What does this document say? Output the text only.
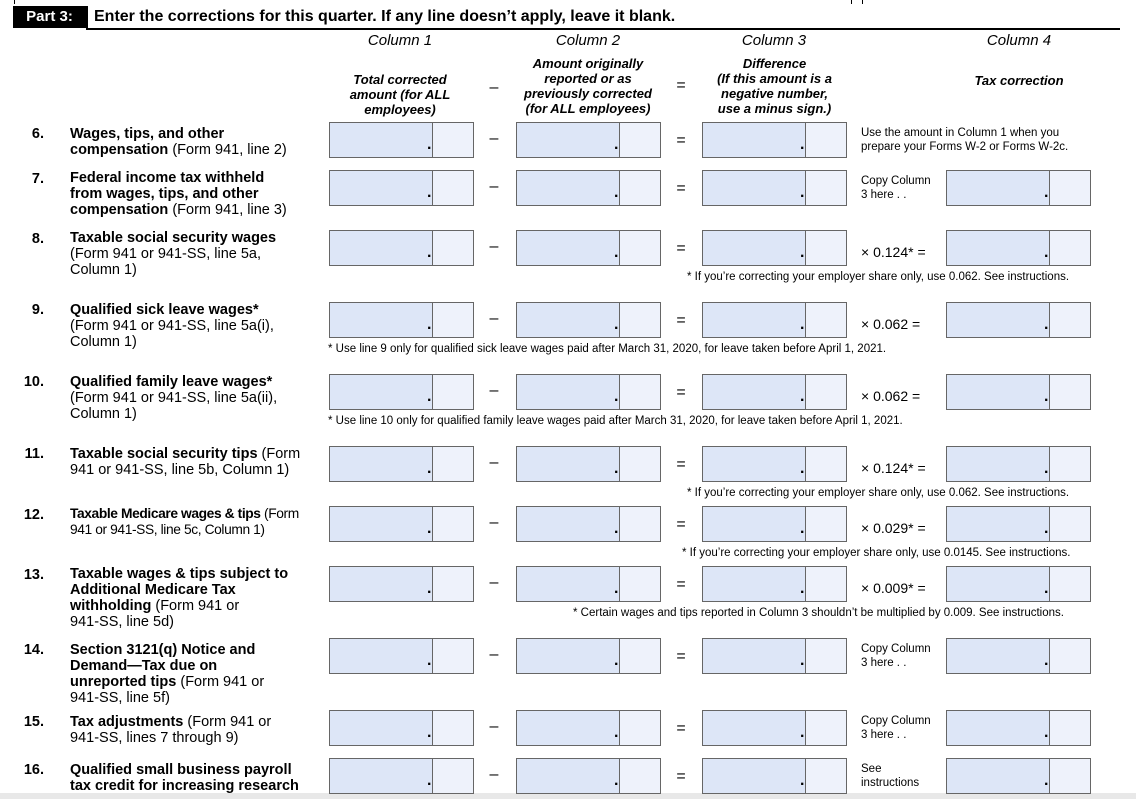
Part 3:	Enter the corrections for this quarter. If any line doesn’t apply, leave it blank.
Column 1	Column 2	Column 3	Column 4
Total corrected
amount (for ALL
employees)
Amount originally
reported or as
previously corrected
(for ALL employees)
Difference
(If this amount is a
negative number,
use a minus sign.)
Tax correction
–	=
6. Wages, tips, and other
compensation (Form 941, line 2)	.	–	.	=	.
Use the amount in Column 1 when you
prepare your Forms W-2 or Forms W-2c.
7. Federal income tax withheld
from wages, tips, and other
compensation (Form 941, line 3)
.	–	.	=	.	.
Copy Column
3 here . .
8. Taxable social security wages
(Form 941 or 941-SS, line 5a,
Column 1)
.	–	.	=	.	.
× 0.124* =
* If you’re correcting your employer share only, use 0.062. See instructions.
9. Qualified sick leave wages*
(Form 941 or 941-SS, line 5a(i),
Column 1)
.	–	.	=	.	.
× 0.062 =
* Use line 9 only for qualified sick leave wages paid after March 31, 2020, for leave taken before April 1, 2021.
10. Qualified family leave wages*
(Form 941 or 941-SS, line 5a(ii),
Column 1)
.	–	.	=	.	.
× 0.062 =
* Use line 10 only for qualified family leave wages paid after March 31, 2020, for leave taken before April 1, 2021.
11. Taxable social security tips (Form
941 or 941-SS, line 5b, Column 1)	.	–	.	=	.	.
× 0.124* =
* If you’re correcting your employer share only, use 0.062. See instructions.
12. Taxable Medicare wages & tips (Form
941 or 941-SS, line 5c, Column 1)	.	–	.	=	.	.
× 0.029* =
* If you’re correcting your employer share only, use 0.0145. See instructions.
13. Taxable wages & tips subject to
Additional Medicare Tax
withholding (Form 941 or
941-SS, line 5d)
.	–	.	=	.	.
× 0.009* =
* Certain wages and tips reported in Column 3 shouldn’t be multiplied by 0.009. See instructions.
14. Section 3121(q) Notice and
Demand—Tax due on
unreported tips (Form 941 or
941-SS, line 5f)
.	–	.	=	.	.
Copy Column
3 here . .
15. Tax adjustments (Form 941 or
941-SS, lines 7 through 9)	.	–	.	=	.	.
Copy Column
3 here . .
16. Qualified small business payroll
tax credit for increasing research	.	–	.	=	.	.
See
instructions
